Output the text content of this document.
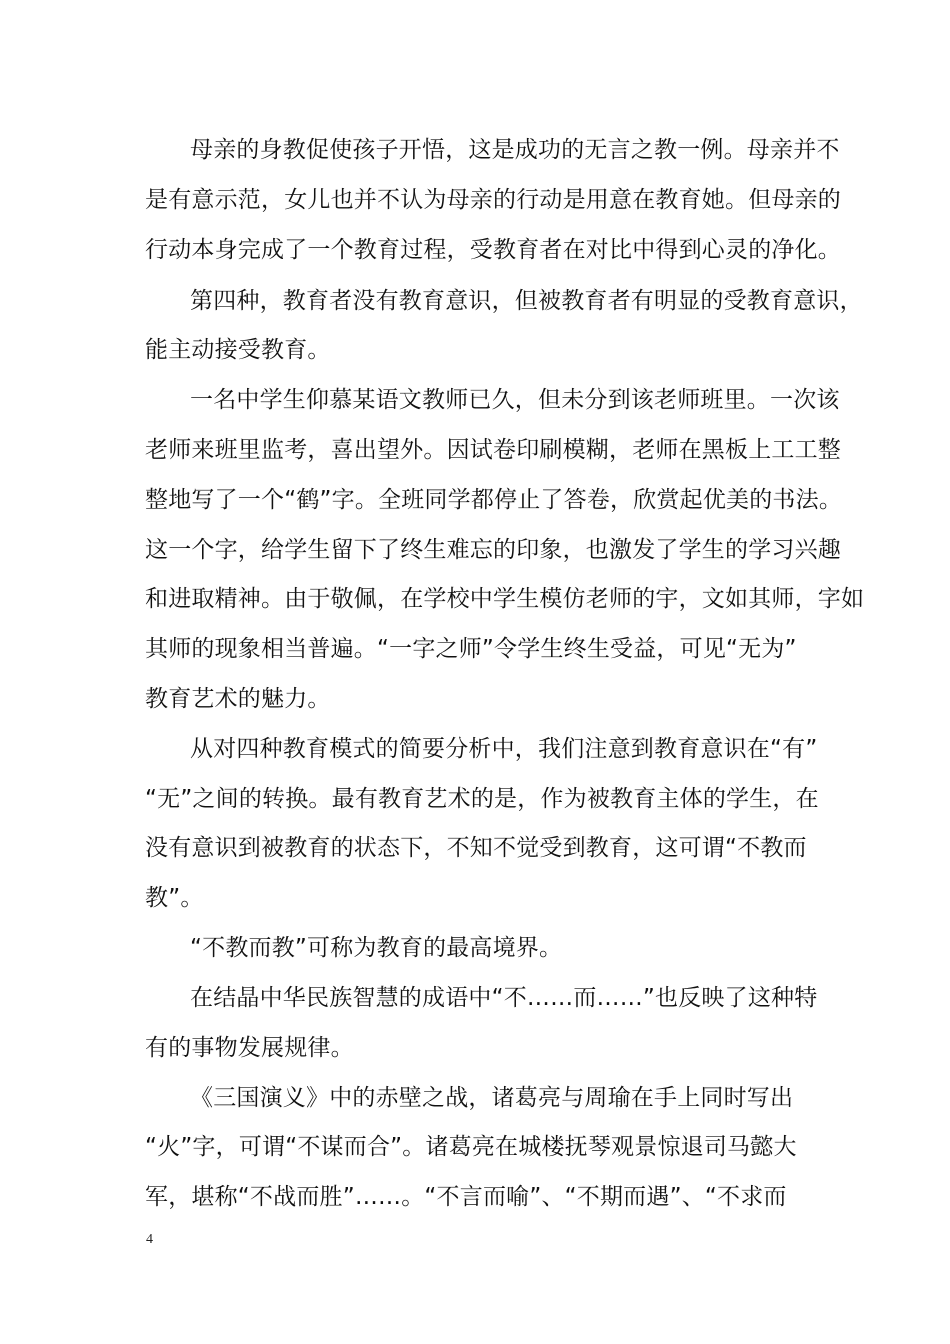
母亲的身教促使孩子开悟，这是成功的无言之教一例。母亲并不
是有意示范，女儿也并不认为母亲的行动是用意在教育她。但母亲的
行动本身完成了一个教育过程，受教育者在对比中得到心灵的净化。
第四种，教育者没有教育意识，但被教育者有明显的受教育意识，
能主动接受教育。
一名中学生仰慕某语文教师已久，但未分到该老师班里。一次该
老师来班里监考，喜出望外。因试卷印刷模糊，老师在黑板上工工整
整地写了一个“鹤”字。全班同学都停止了答卷，欣赏起优美的书法。
这一个字，给学生留下了终生难忘的印象，也激发了学生的学习兴趣
和进取精神。由于敬佩，在学校中学生模仿老师的宇，文如其师，字如
其师的现象相当普遍。“一字之师”令学生终生受益，可见“无为”
教育艺术的魅力。
从对四种教育模式的简要分析中，我们注意到教育意识在“有”
“无”之间的转换。最有教育艺术的是，作为被教育主体的学生，在
没有意识到被教育的状态下，不知不觉受到教育，这可谓“不教而
教”。
“不教而教”可称为教育的最高境界。
在结晶中华民族智慧的成语中“不……而……”也反映了这种特
有的事物发展规律。
《三国演义》中的赤壁之战，诸葛亮与周瑜在手上同时写出
“火”字，可谓“不谋而合”。诸葛亮在城楼抚琴观景惊退司马懿大
军，堪称“不战而胜”……。“不言而喻”、“不期而遇”、“不求而
4
